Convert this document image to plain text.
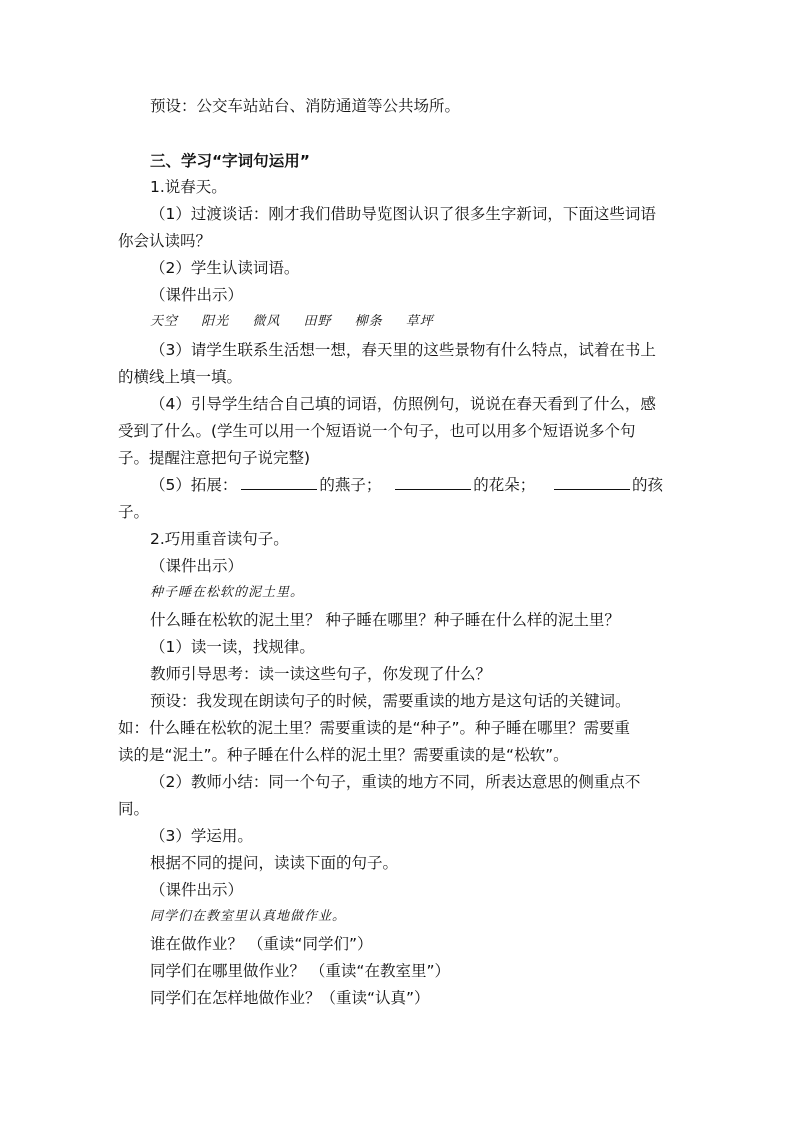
预设：公交车站站台、消防通道等公共场所。
三、学习“字词句运用”
1.说春天。
（1）过渡谈话：刚才我们借助导览图认识了很多生字新词，下面这些词语
你会认读吗？
（2）学生认读词语。
（课件出示）
天空 阳光 微风 田野 柳条 草坪
（3）请学生联系生活想一想，春天里的这些景物有什么特点，试着在书上
的横线上填一填。
（4）引导学生结合自己填的词语，仿照例句，说说在春天看到了什么，感
受到了什么。(学生可以用一个短语说一个句子，也可以用多个短语说多个句
子。提醒注意把句子说完整)
（5）拓展：	的燕子；	的花朵；	的孩
子。
2.巧用重音读句子。
（课件出示）
种子睡在松软的泥土里。
什么睡在松软的泥土里？ 种子睡在哪里？种子睡在什么样的泥土里？
（1）读一读，找规律。
教师引导思考：读一读这些句子，你发现了什么？
预设：我发现在朗读句子的时候，需要重读的地方是这句话的关键词。
如：什么睡在松软的泥土里？需要重读的是“种子”。种子睡在哪里？需要重
读的是“泥土”。种子睡在什么样的泥土里？需要重读的是“松软”。
（2）教师小结：同一个句子，重读的地方不同，所表达意思的侧重点不
同。
（3）学运用。
根据不同的提问，读读下面的句子。
（课件出示）
同学们在教室里认真地做作业。
谁在做作业？ （重读“同学们”）
同学们在哪里做作业？ （重读“在教室里”）
同学们在怎样地做作业？（重读“认真”）
